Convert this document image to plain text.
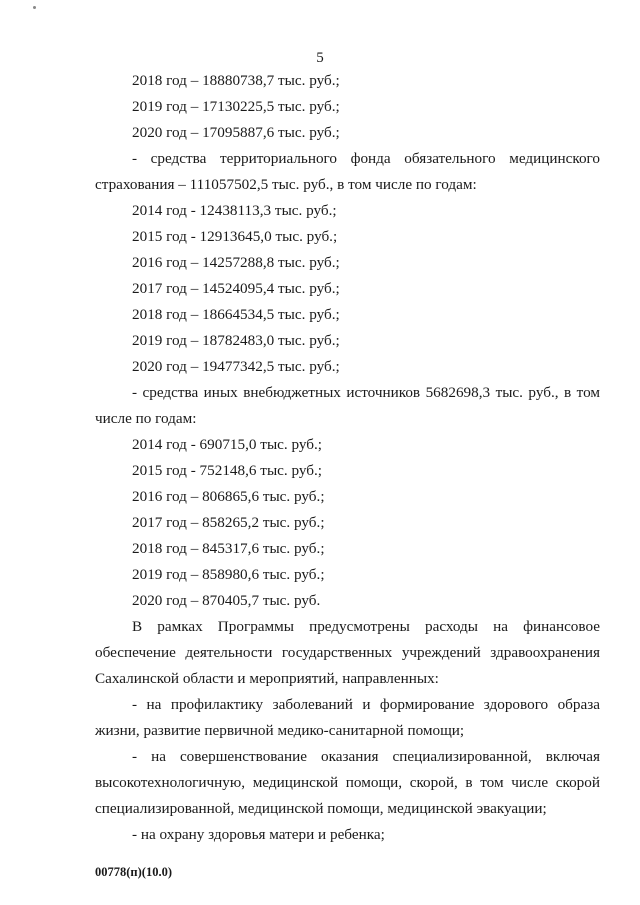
5
2018 год – 18880738,7 тыс. руб.;
2019 год – 17130225,5 тыс. руб.;
2020 год – 17095887,6 тыс. руб.;
- средства территориального фонда обязательного медицинского страхования – 111057502,5 тыс. руб., в том числе по годам:
2014 год - 12438113,3 тыс. руб.;
2015 год - 12913645,0 тыс. руб.;
2016 год – 14257288,8 тыс. руб.;
2017 год – 14524095,4 тыс. руб.;
2018 год – 18664534,5 тыс. руб.;
2019 год – 18782483,0 тыс. руб.;
2020 год – 19477342,5 тыс. руб.;
- средства иных внебюджетных источников 5682698,3 тыс. руб., в том числе по годам:
2014 год - 690715,0 тыс. руб.;
2015 год - 752148,6 тыс. руб.;
2016 год – 806865,6 тыс. руб.;
2017 год – 858265,2 тыс. руб.;
2018 год – 845317,6 тыс. руб.;
2019 год – 858980,6 тыс. руб.;
2020 год – 870405,7 тыс. руб.
В рамках Программы предусмотрены расходы на финансовое обеспечение деятельности государственных учреждений здравоохранения Сахалинской области и мероприятий, направленных:
- на профилактику заболеваний и формирование здорового образа жизни, развитие первичной медико-санитарной помощи;
- на совершенствование оказания специализированной, включая высокотехнологичную, медицинской помощи, скорой, в том числе скорой специализированной, медицинской помощи, медицинской эвакуации;
- на охрану здоровья матери и ребенка;
00778(п)(10.0)
